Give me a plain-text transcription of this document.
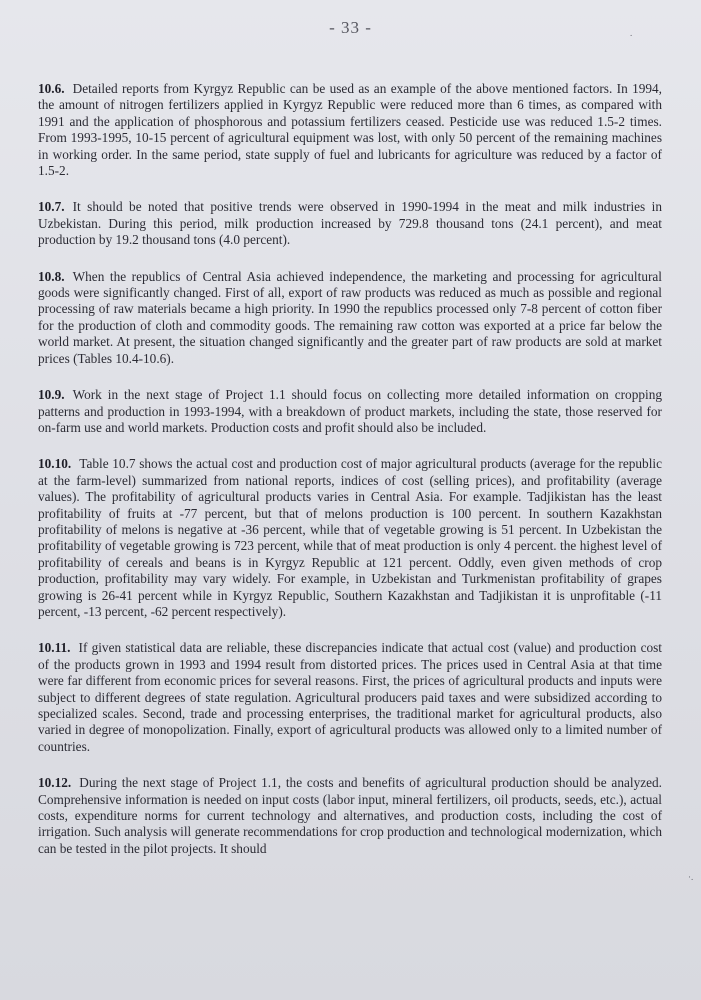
- 33 -

10.6. Detailed reports from Kyrgyz Republic can be used as an example of the above mentioned factors. In 1994, the amount of nitrogen fertilizers applied in Kyrgyz Republic were reduced more than 6 times, as compared with 1991 and the application of phosphorous and potassium fertilizers ceased. Pesticide use was reduced 1.5-2 times. From 1993-1995, 10-15 percent of agricultural equipment was lost, with only 50 percent of the remaining machines in working order. In the same period, state supply of fuel and lubricants for agriculture was reduced by a factor of 1.5-2.

10.7. It should be noted that positive trends were observed in 1990-1994 in the meat and milk industries in Uzbekistan. During this period, milk production increased by 729.8 thousand tons (24.1 percent), and meat production by 19.2 thousand tons (4.0 percent).

10.8. When the republics of Central Asia achieved independence, the marketing and processing for agricultural goods were significantly changed. First of all, export of raw products was reduced as much as possible and regional processing of raw materials became a high priority. In 1990 the republics processed only 7-8 percent of cotton fiber for the production of cloth and commodity goods. The remaining raw cotton was exported at a price far below the world market. At present, the situation changed significantly and the greater part of raw products are sold at market prices (Tables 10.4-10.6).

10.9. Work in the next stage of Project 1.1 should focus on collecting more detailed information on cropping patterns and production in 1993-1994, with a breakdown of product markets, including the state, those reserved for on-farm use and world markets. Production costs and profit should also be included.

10.10. Table 10.7 shows the actual cost and production cost of major agricultural products (average for the republic at the farm-level) summarized from national reports, indices of cost (selling prices), and profitability (average values). The profitability of agricultural products varies in Central Asia. For example. Tadjikistan has the least profitability of fruits at -77 percent, but that of melons production is 100 percent. In southern Kazakhstan profitability of melons is negative at -36 percent, while that of vegetable growing is 51 percent. In Uzbekistan the profitability of vegetable growing is 723 percent, while that of meat production is only 4 percent. the highest level of profitability of cereals and beans is in Kyrgyz Republic at 121 percent. Oddly, even given methods of crop production, profitability may vary widely. For example, in Uzbekistan and Turkmenistan profitability of grapes growing is 26-41 percent while in Kyrgyz Republic, Southern Kazakhstan and Tadjikistan it is unprofitable (-11 percent, -13 percent, -62 percent respectively).

10.11. If given statistical data are reliable, these discrepancies indicate that actual cost (value) and production cost of the products grown in 1993 and 1994 result from distorted prices. The prices used in Central Asia at that time were far different from economic prices for several reasons. First, the prices of agricultural products and inputs were subject to different degrees of state regulation. Agricultural producers paid taxes and were subsidized according to specialized scales. Second, trade and processing enterprises, the traditional market for agricultural products, also varied in degree of monopolization. Finally, export of agricultural products was allowed only to a limited number of countries.

10.12. During the next stage of Project 1.1, the costs and benefits of agricultural production should be analyzed. Comprehensive information is needed on input costs (labor input, mineral fertilizers, oil products, seeds, etc.), actual costs, expenditure norms for current technology and alternatives, and production costs, including the cost of irrigation. Such analysis will generate recommendations for crop production and technological modernization, which can be tested in the pilot projects. It should

.
·.
